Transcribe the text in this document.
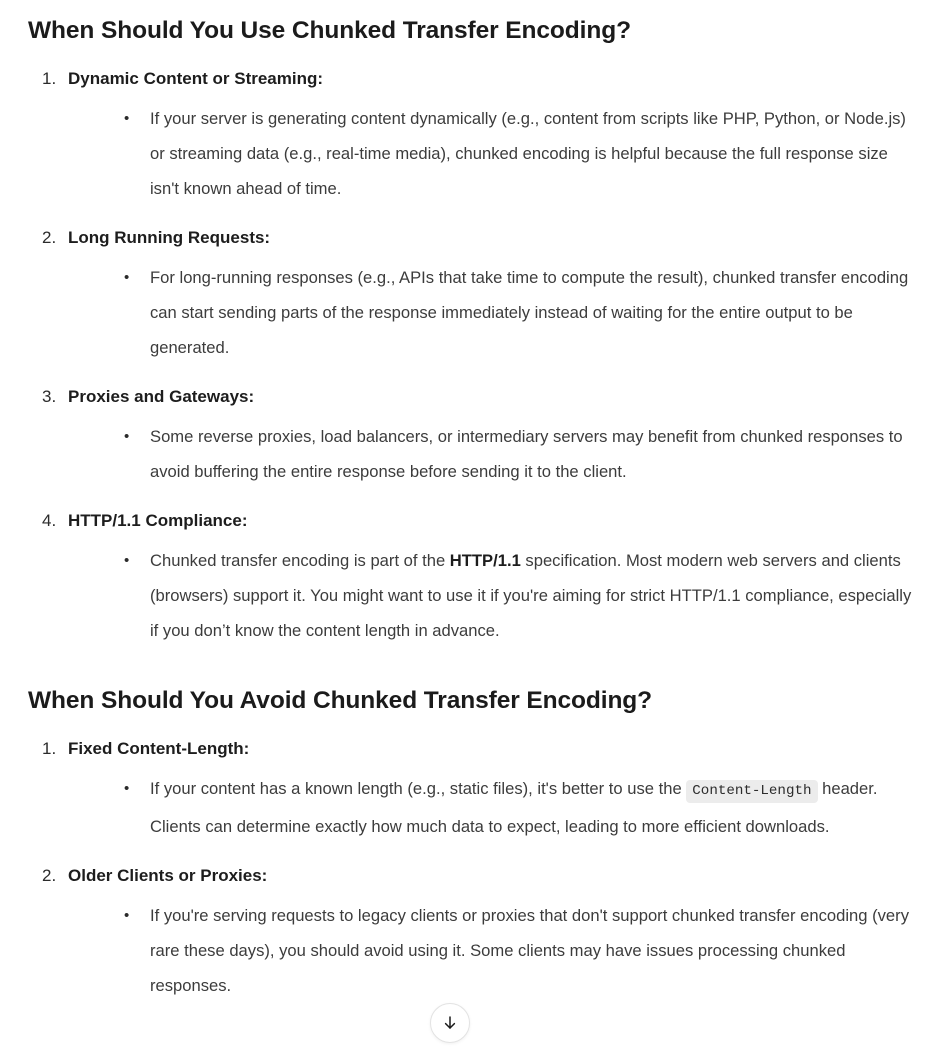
When Should You Use Chunked Transfer Encoding?
1. Dynamic Content or Streaming:
• If your server is generating content dynamically (e.g., content from scripts like PHP, Python, or Node.js) or streaming data (e.g., real-time media), chunked encoding is helpful because the full response size isn't known ahead of time.
2. Long Running Requests:
• For long-running responses (e.g., APIs that take time to compute the result), chunked transfer encoding can start sending parts of the response immediately instead of waiting for the entire output to be generated.
3. Proxies and Gateways:
• Some reverse proxies, load balancers, or intermediary servers may benefit from chunked responses to avoid buffering the entire response before sending it to the client.
4. HTTP/1.1 Compliance:
• Chunked transfer encoding is part of the HTTP/1.1 specification. Most modern web servers and clients (browsers) support it. You might want to use it if you're aiming for strict HTTP/1.1 compliance, especially if you don’t know the content length in advance.
When Should You Avoid Chunked Transfer Encoding?
1. Fixed Content-Length:
• If your content has a known length (e.g., static files), it's better to use the Content-Length header. Clients can determine exactly how much data to expect, leading to more efficient downloads.
2. Older Clients or Proxies:
• If you're serving requests to legacy clients or proxies that don't support chunked transfer encoding (very rare these days), you should avoid using it. Some clients may have issues processing chunked responses.
